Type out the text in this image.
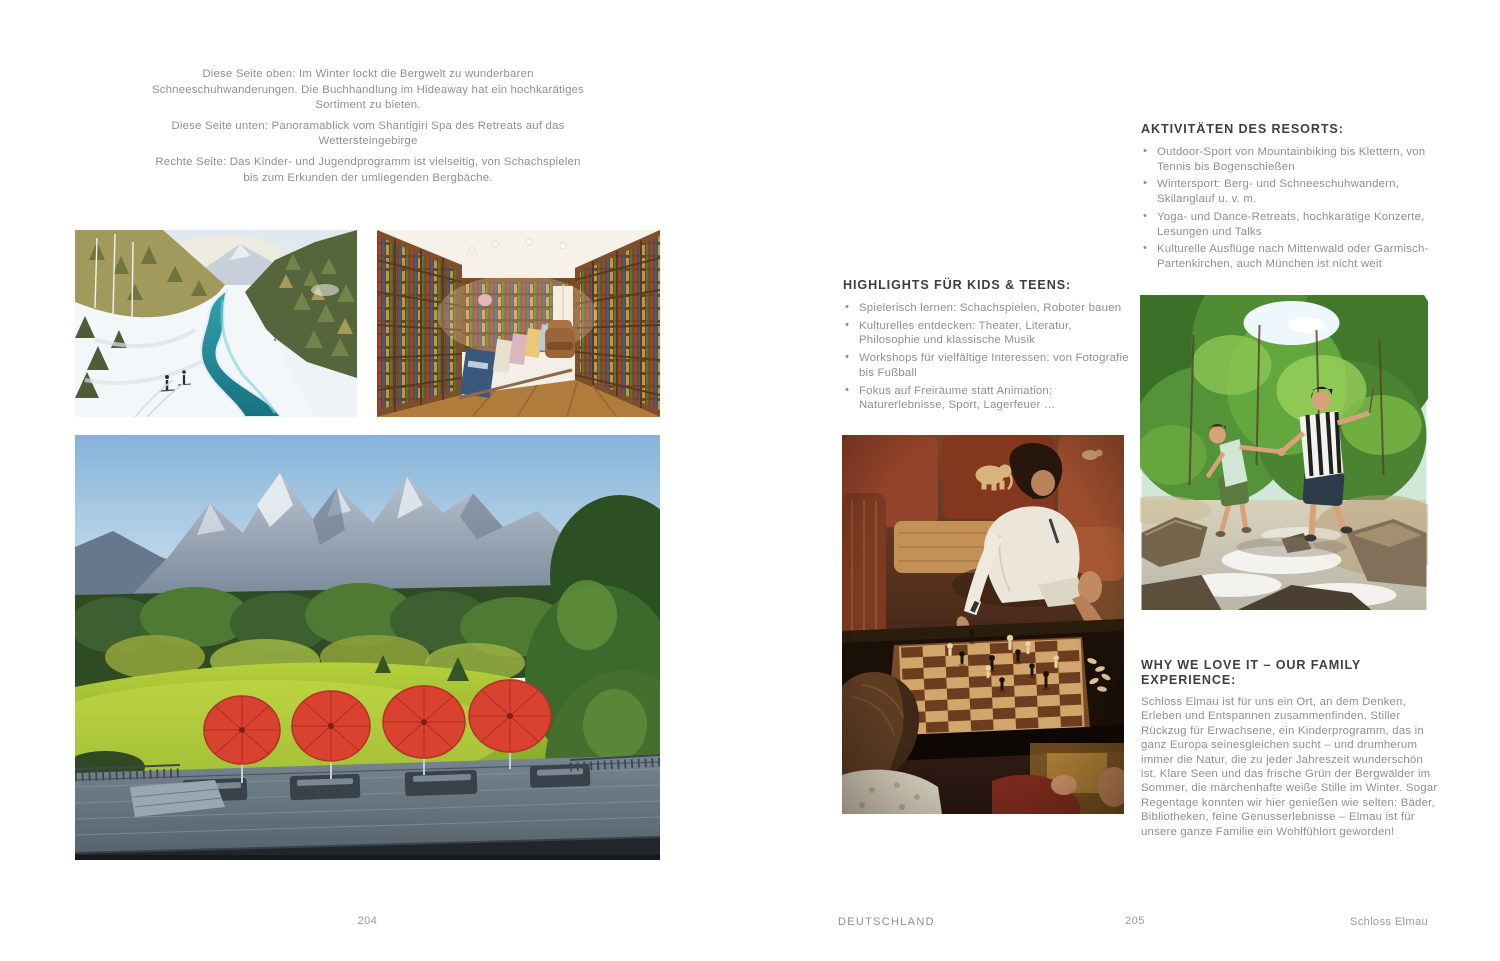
Diese Seite oben: Im Winter lockt die Bergwelt zu wunderbaren Schneeschuhwanderungen. Die Buchhandlung im Hideaway hat ein hochkarätiges Sortiment zu bieten.

Diese Seite unten: Panoramablick vom Shantigiri Spa des Retreats auf das Wettersteingebirge

Rechte Seite: Das Kinder- und Jugendprogramm ist vielseitig, von Schachspielen bis zum Erkunden der umliegenden Bergbäche.

204
AKTIVITÄTEN DES RESORTS:
• Outdoor-Sport von Mountainbiking bis Klettern, von Tennis bis Bogenschießen
• Wintersport: Berg- und Schneeschuhwandern, Skilanglauf u. v. m.
• Yoga- und Dance-Retreats, hochkarätige Konzerte, Lesungen und Talks
• Kulturelle Ausflüge nach Mittenwald oder Garmisch-Partenkirchen, auch München ist nicht weit
HIGHLIGHTS FÜR KIDS & TEENS:
• Spielerisch lernen: Schachspielen, Roboter bauen
• Kulturelles entdecken: Theater, Literatur, Philosophie und klassische Musik
• Workshops für vielfältige Interessen: von Fotografie bis Fußball
• Fokus auf Freiräume statt Animation: Naturerlebnisse, Sport, Lagerfeuer …
WHY WE LOVE IT – OUR FAMILY EXPERIENCE:

Schloss Elmau ist für uns ein Ort, an dem Denken, Erleben und Entspannen zusammenfinden. Stiller Rückzug für Erwachsene, ein Kinderprogramm, das in ganz Europa seinesgleichen sucht – und drumherum immer die Natur, die zu jeder Jahreszeit wunderschön ist. Klare Seen und das frische Grün der Bergwälder im Sommer, die märchenhafte weiße Stille im Winter. Sogar Regentage konnten wir hier genießen wie selten: Bäder, Bibliotheken, feine Genusserlebnisse – Elmau ist für unsere ganze Familie ein Wohlfühlort geworden!

DEUTSCHLAND	205	Schloss Elmau
